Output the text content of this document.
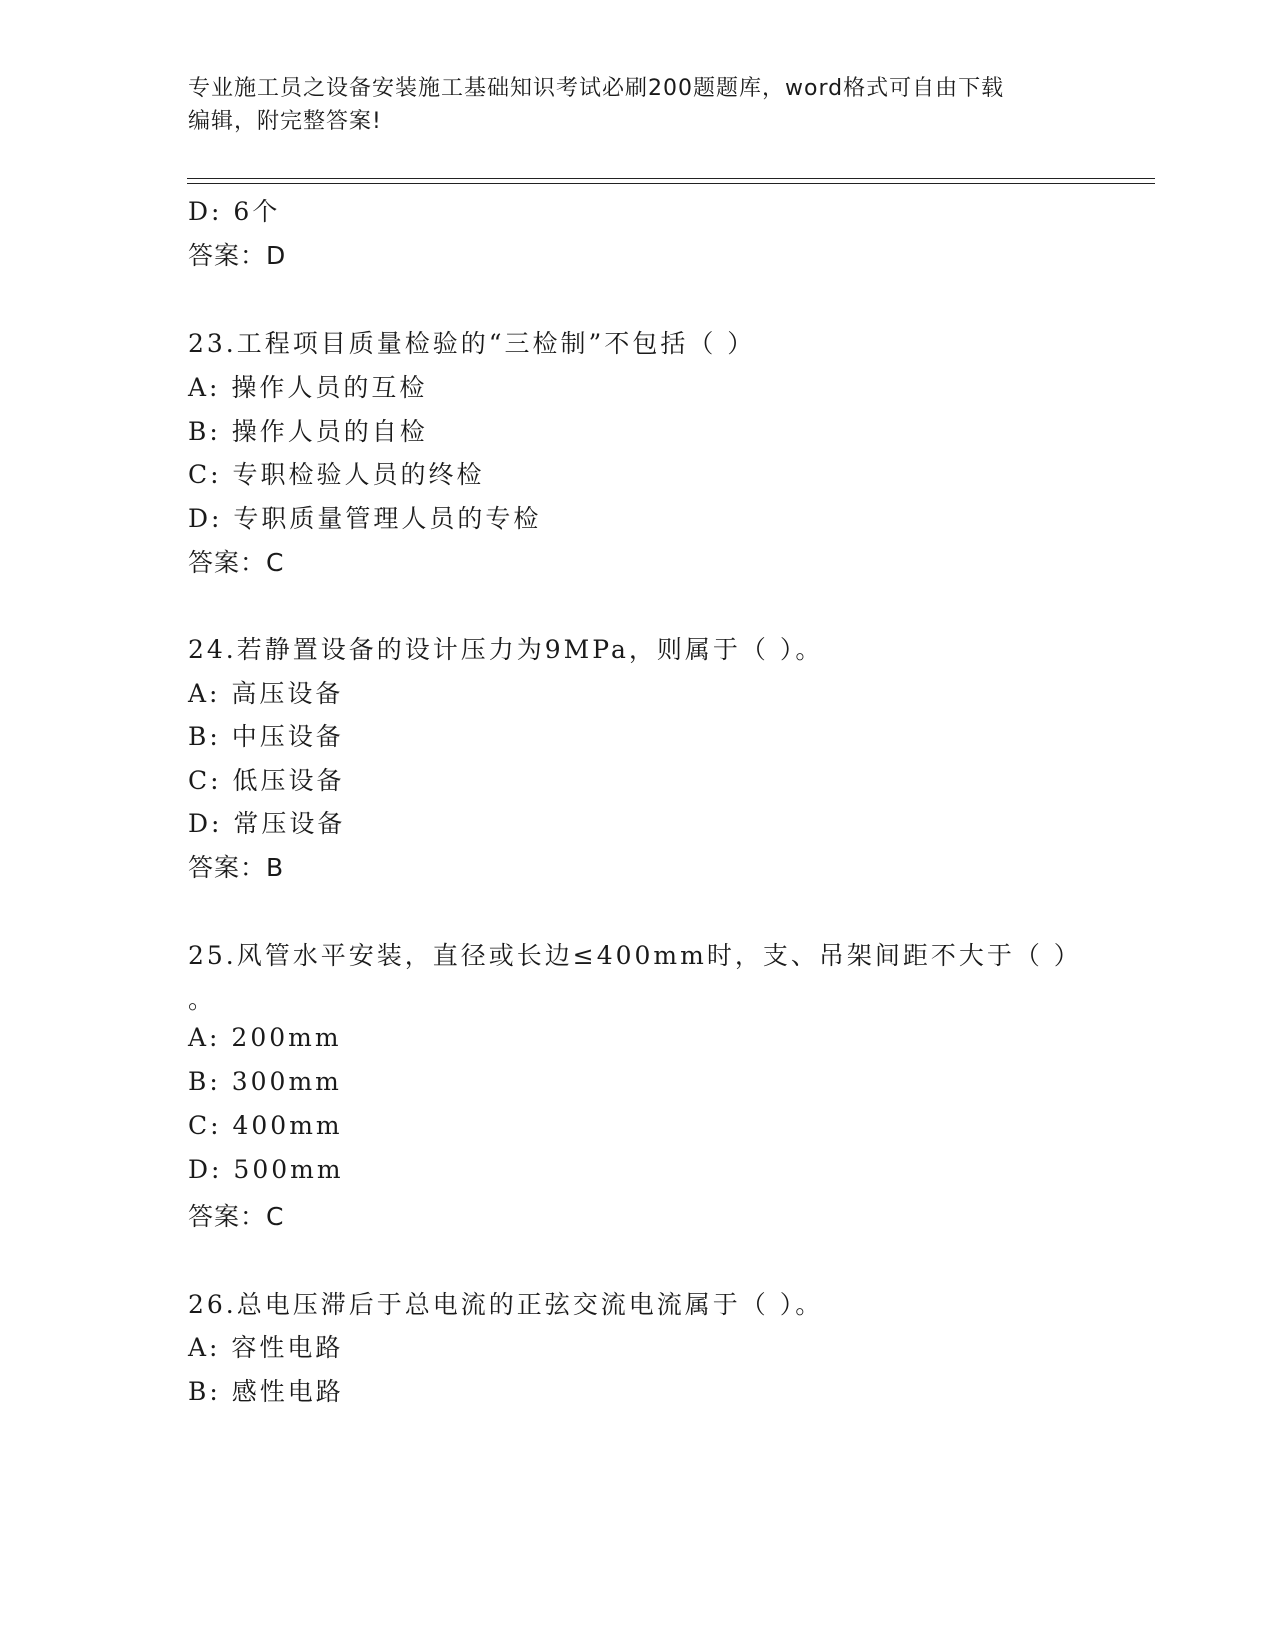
专业施工员之设备安装施工基础知识考试必刷200题题库，word格式可自由下载
编辑，附完整答案!
D: 6个
答案：D
23.工程项目质量检验的“三检制”不包括（ ）
A: 操作人员的互检
B: 操作人员的自检
C: 专职检验人员的终检
D: 专职质量管理人员的专检
答案：C
24.若静置设备的设计压力为9MPa，则属于（ ）。
A: 高压设备
B: 中压设备
C: 低压设备
D: 常压设备
答案：B
25.风管水平安装，直径或长边≤400mm时，支、吊架间距不大于（ ）
。
A: 200mm
B: 300mm
C: 400mm
D: 500mm
答案：C
26.总电压滞后于总电流的正弦交流电流属于（ ）。
A: 容性电路
B: 感性电路
